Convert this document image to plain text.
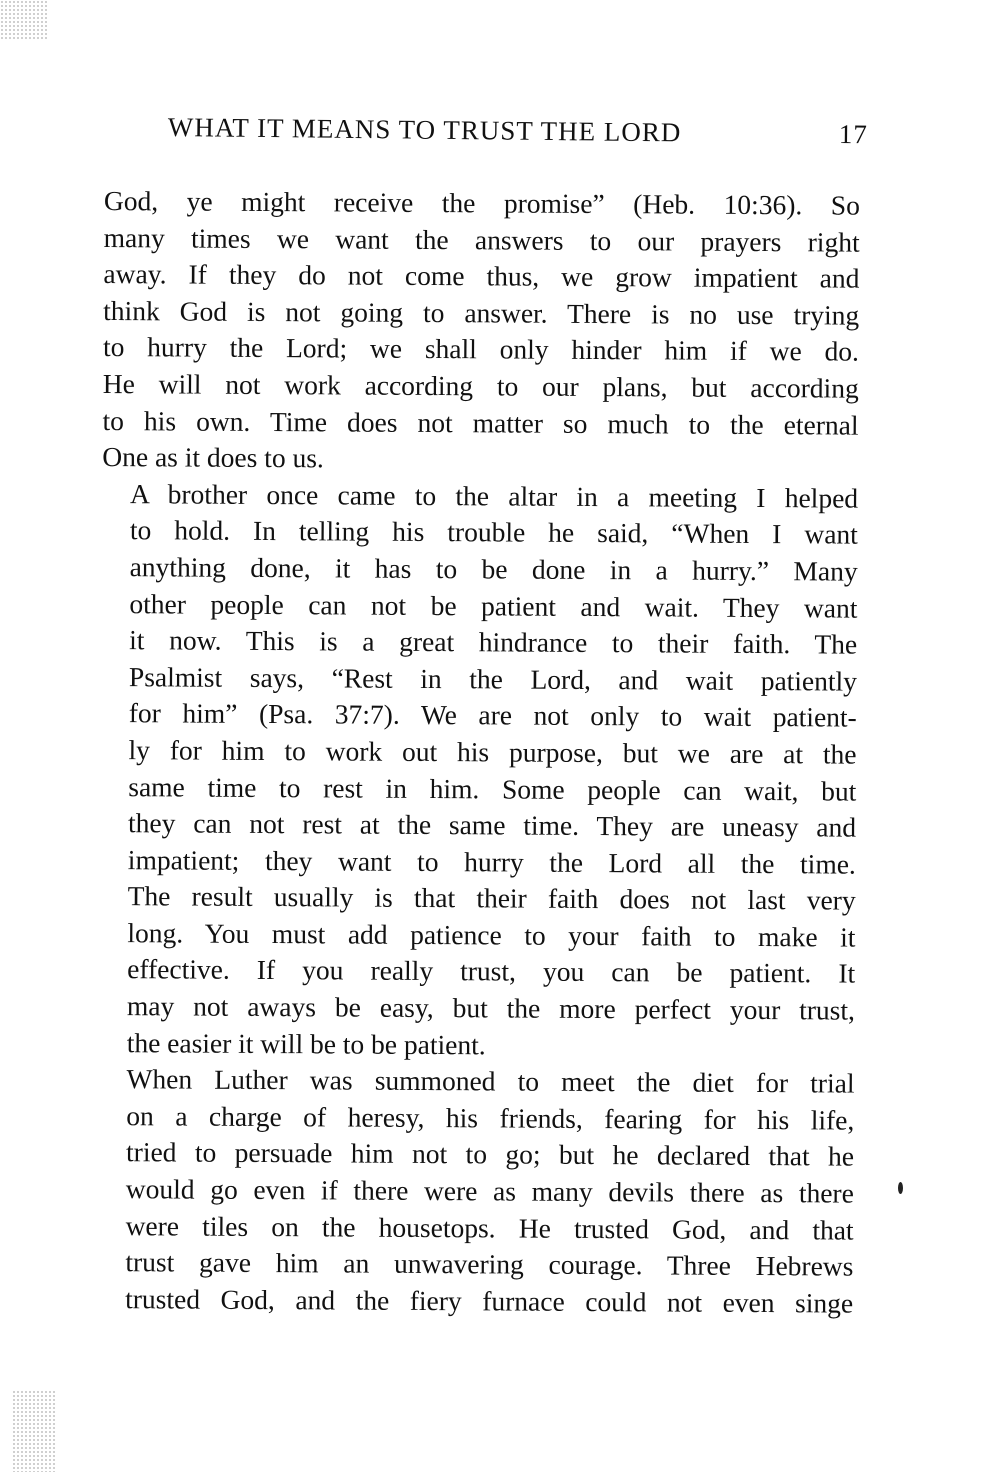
WHAT IT MEANS TO TRUST THE LORD	17

God, ye might receive the promise” (Heb. 10:36). So
many times we want the answers to our prayers right
away. If they do not come thus, we grow impatient and
think God is not going to answer. There is no use trying
to hurry the Lord; we shall only hinder him if we do.
He will not work according to our plans, but according
to his own. Time does not matter so much to the eternal
One as it does to us.

A brother once came to the altar in a meeting I helped
to hold. In telling his trouble he said, “When I want
anything done, it has to be done in a hurry.” Many
other people can not be patient and wait. They want
it now. This is a great hindrance to their faith. The
Psalmist says, “Rest in the Lord, and wait patiently
for him” (Psa. 37:7). We are not only to wait patient-
ly for him to work out his purpose, but we are at the
same time to rest in him. Some people can wait, but
they can not rest at the same time. They are uneasy and
impatient; they want to hurry the Lord all the time.
The result usually is that their faith does not last very
long. You must add patience to your faith to make it
effective. If you really trust, you can be patient. It
may not aways be easy, but the more perfect your trust,
the easier it will be to be patient.

When Luther was summoned to meet the diet for trial
on a charge of heresy, his friends, fearing for his life,
tried to persuade him not to go; but he declared that he
would go even if there were as many devils there as there
were tiles on the housetops. He trusted God, and that
trust gave him an unwavering courage. Three Hebrews
trusted God, and the fiery furnace could not even singe
